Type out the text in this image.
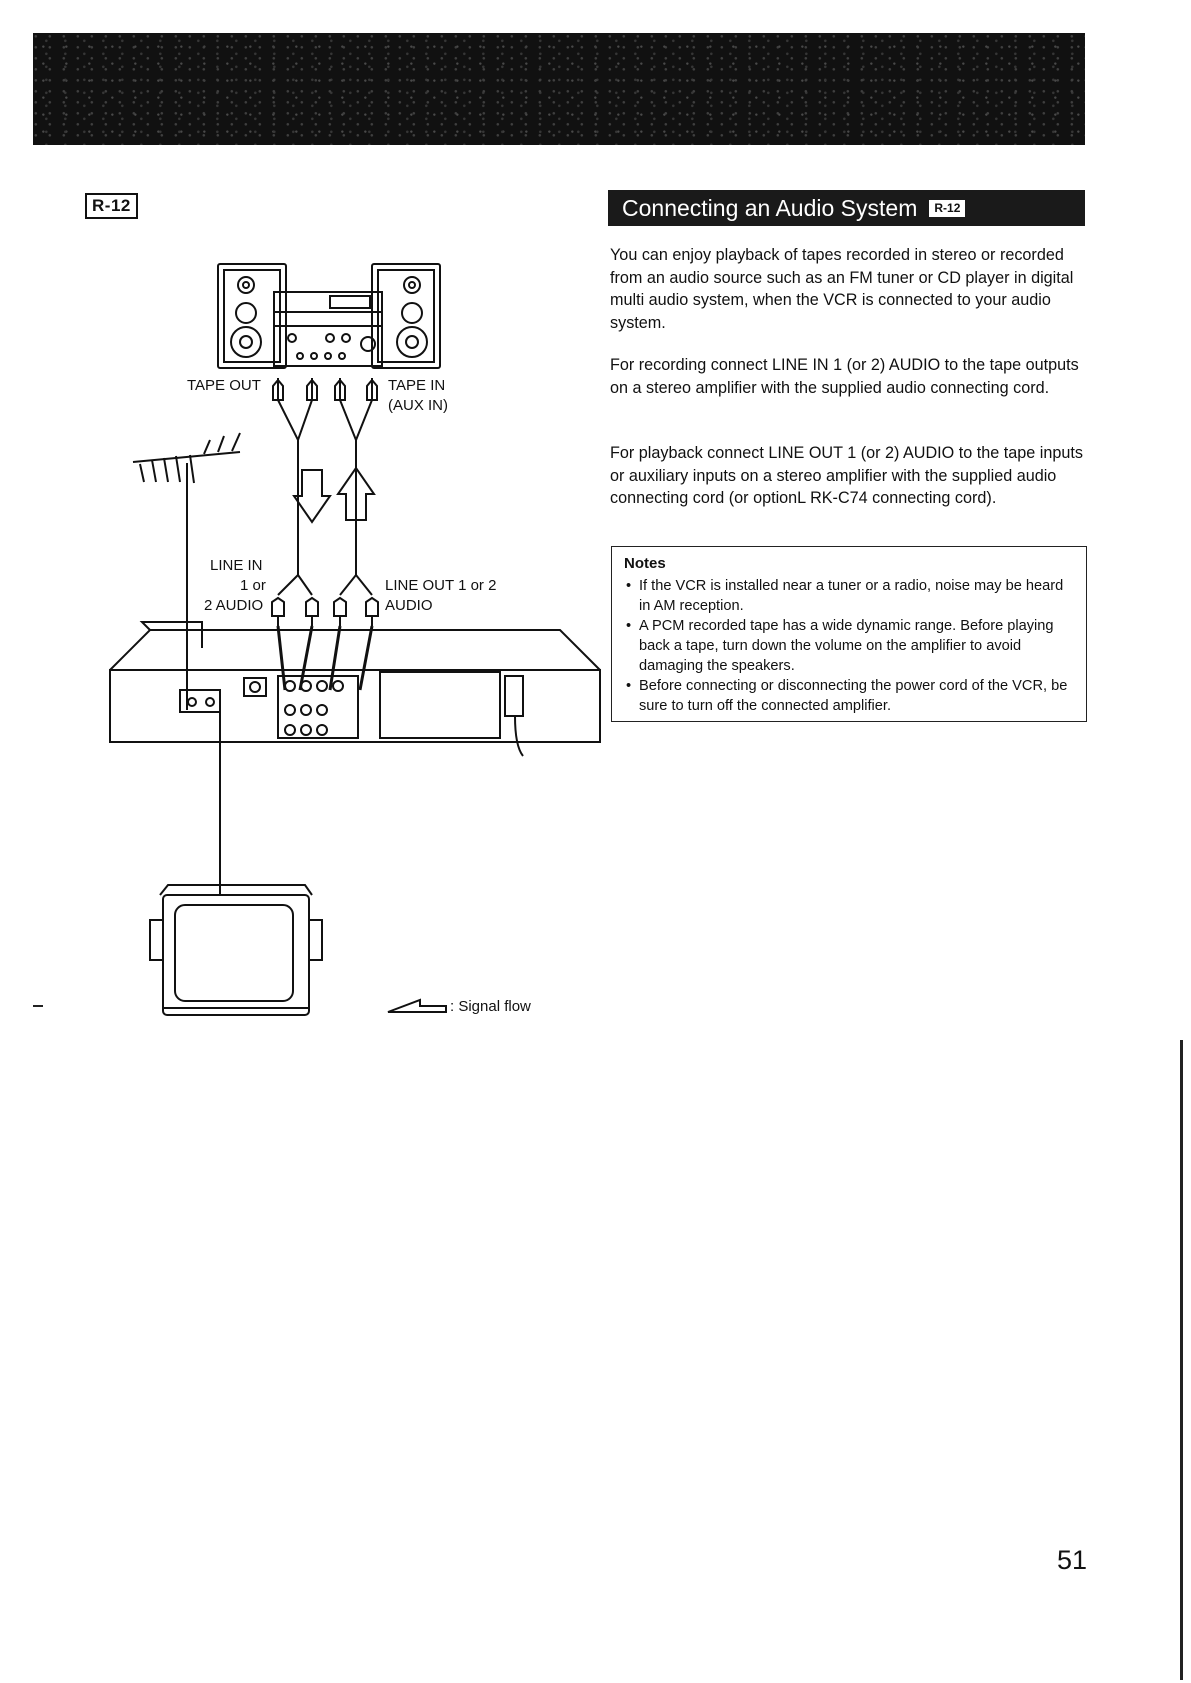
R-12
TAPE OUT	TAPE IN
(AUX IN)
LINE IN
1 or
2 AUDIO
LINE OUT 1 or 2
AUDIO
: Signal flow
Connecting an Audio System	R-12

You can enjoy playback of tapes recorded in stereo or recorded from an audio source such as an FM tuner or CD player in digital multi audio system, when the VCR is connected to your audio system.

For recording connect LINE IN 1 (or 2) AUDIO to the tape outputs on a stereo amplifier with the supplied audio connecting cord.

For playback connect LINE OUT 1 (or 2) AUDIO to the tape inputs or auxiliary inputs on a stereo amplifier with the supplied audio connecting cord (or optionL RK-C74 connecting cord).

Notes
• If the VCR is installed near a tuner or a radio, noise may be heard in AM reception.
• A PCM recorded tape has a wide dynamic range. Before playing back a tape, turn down the volume on the amplifier to avoid damaging the speakers.
• Before connecting or disconnecting the power cord of the VCR, be sure to turn off the connected amplifier.
51
